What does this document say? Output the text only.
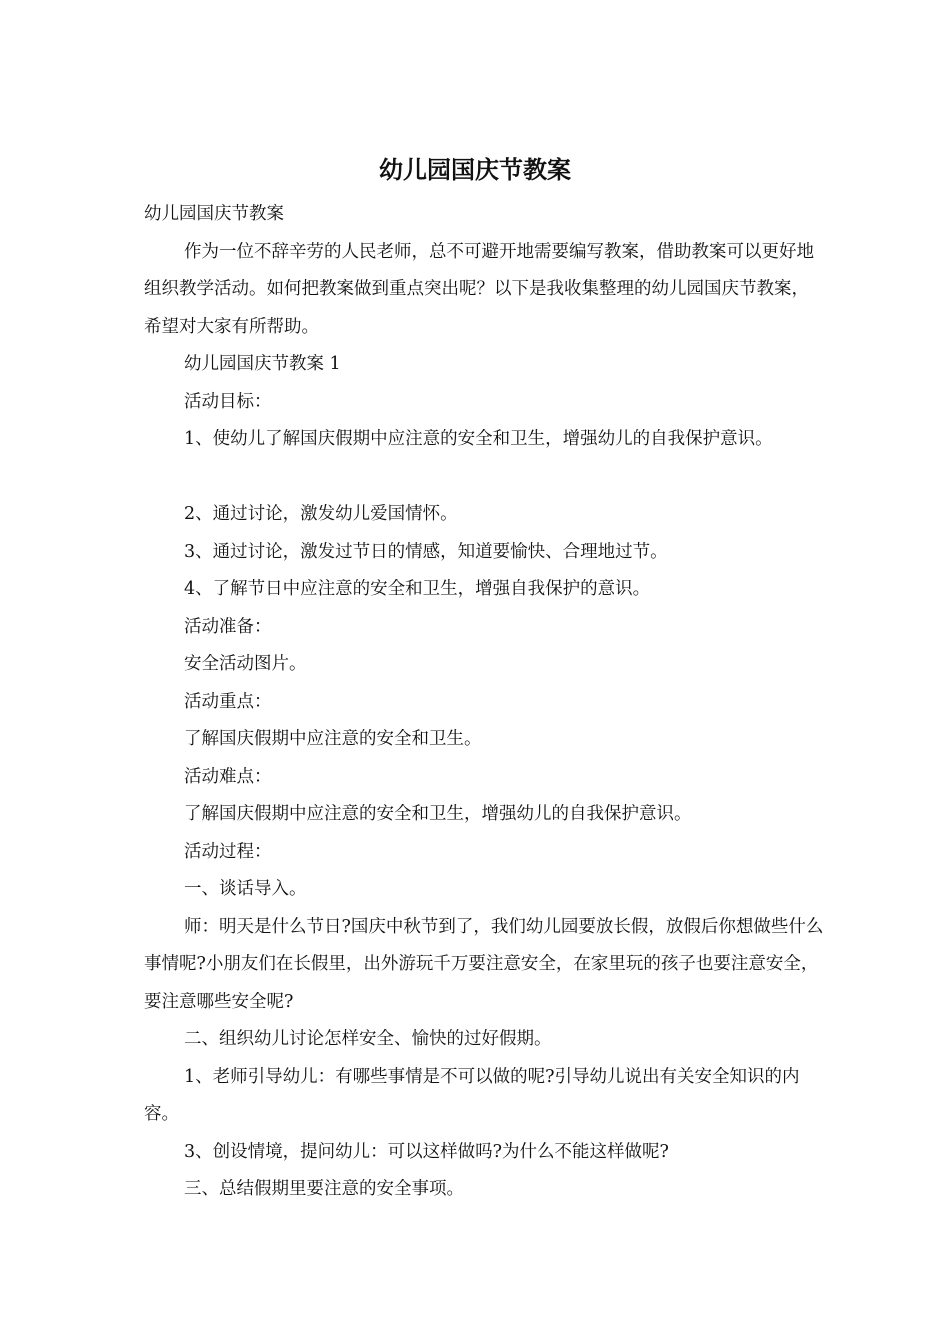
幼儿园国庆节教案

幼儿园国庆节教案

作为一位不辞辛劳的人民老师，总不可避开地需要编写教案，借助教案可以更好地组织教学活动。如何把教案做到重点突出呢？以下是我收集整理的幼儿园国庆节教案，希望对大家有所帮助。

幼儿园国庆节教案 1

活动目标：

1、使幼儿了解国庆假期中应注意的安全和卫生，增强幼儿的自我保护意识。

2、通过讨论，激发幼儿爱国情怀。

3、通过讨论，激发过节日的情感，知道要愉快、合理地过节。

4、了解节日中应注意的安全和卫生，增强自我保护的意识。

活动准备：

安全活动图片。

活动重点：

了解国庆假期中应注意的安全和卫生。

活动难点：

了解国庆假期中应注意的安全和卫生，增强幼儿的自我保护意识。

活动过程：

一、谈话导入。

师：明天是什么节日?国庆中秋节到了，我们幼儿园要放长假，放假后你想做些什么事情呢?小朋友们在长假里，出外游玩千万要注意安全，在家里玩的孩子也要注意安全，要注意哪些安全呢?

二、组织幼儿讨论怎样安全、愉快的过好假期。

1、老师引导幼儿：有哪些事情是不可以做的呢?引导幼儿说出有关安全知识的内容。

3、创设情境，提问幼儿：可以这样做吗?为什么不能这样做呢?

三、总结假期里要注意的安全事项。
